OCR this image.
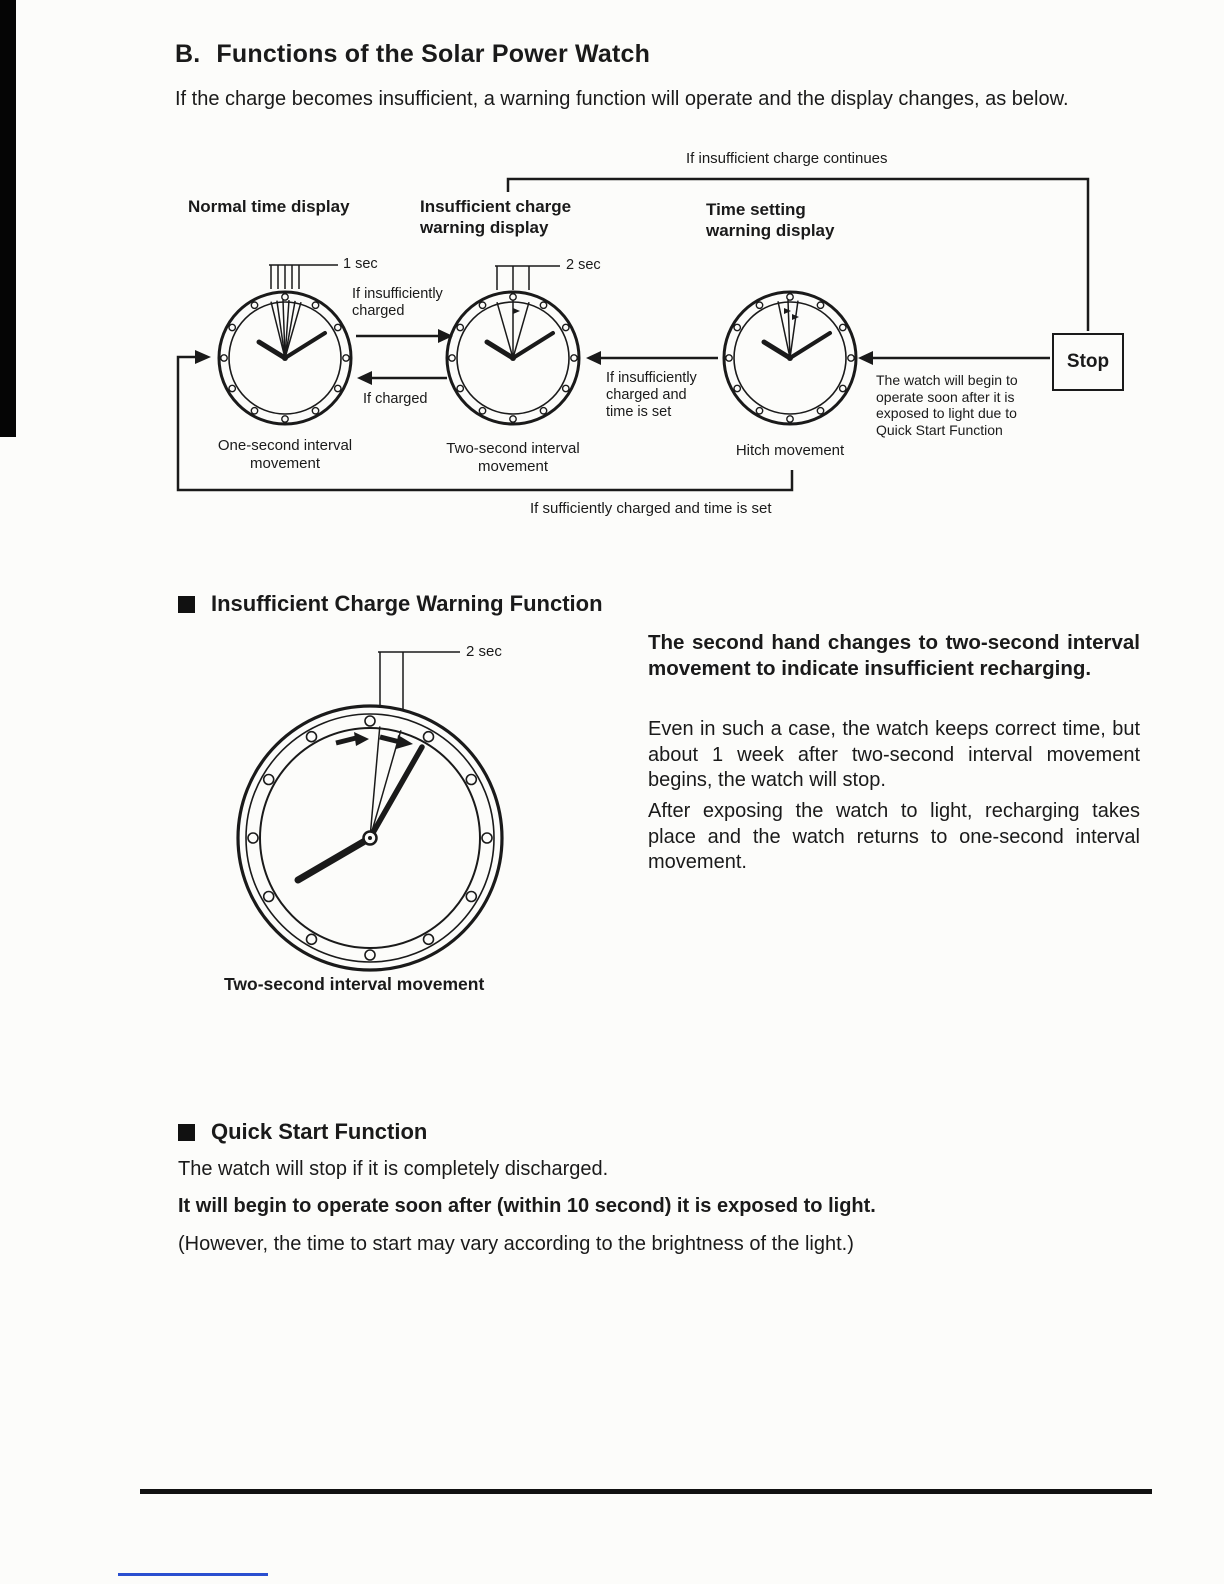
B. Functions of the Solar Power Watch
If the charge becomes insufficient, a warning function will operate and the display changes, as below.
If insufficient charge continues
Normal time display	Insufficient charge warning display
Time setting warning display
1 sec	2 sec
If insufficiently charged
If charged
If insufficiently charged and time is set
Stop
The watch will begin to operate soon after it is exposed to light due to Quick Start Function
One-second interval movement
Two-second interval movement
Hitch movement
If sufficiently charged and time is set
Insufficient Charge Warning Function
2 sec	The second hand changes to two-second interval movement to indicate insufficient recharging.
Even in such a case, the watch keeps correct time, but about 1 week after two-second interval movement begins, the watch will stop.
After exposing the watch to light, recharging takes place and the watch returns to one-second interval movement.
Two-second interval movement
Quick Start Function
The watch will stop if it is completely discharged.
It will begin to operate soon after (within 10 second) it is exposed to light.
(However, the time to start may vary according to the brightness of the light.)
